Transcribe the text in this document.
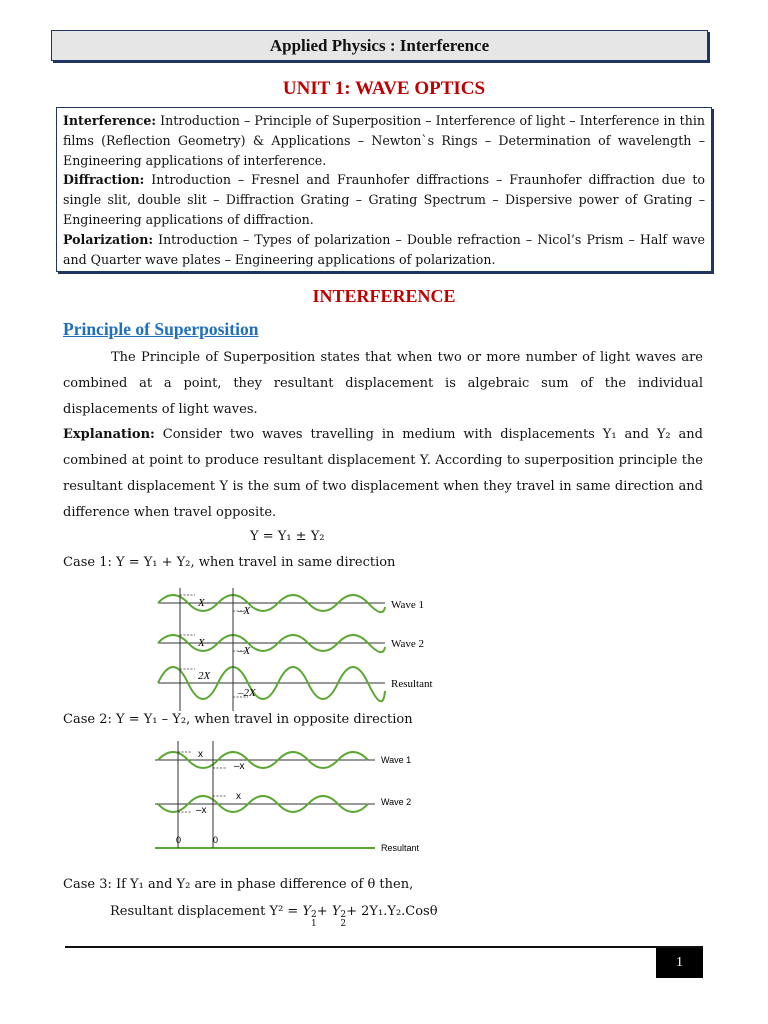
Applied Physics : Interference
UNIT 1: WAVE OPTICS

Interference: Introduction – Principle of Superposition – Interference of light – Interference in thin films (Reflection Geometry) & Applications – Newton`s Rings – Determination of wavelength – Engineering applications of interference.

Diffraction: Introduction – Fresnel and Fraunhofer diffractions – Fraunhofer diffraction due to single slit, double slit – Diffraction Grating – Grating Spectrum – Dispersive power of Grating – Engineering applications of diffraction.

Polarization: Introduction – Types of polarization – Double refraction – Nicol’s Prism – Half wave and Quarter wave plates – Engineering applications of polarization.

INTERFERENCE
Principle of Superposition

The Principle of Superposition states that when two or more number of light waves are combined at a point, they resultant displacement is algebraic sum of the individual displacements of light waves.

Explanation: Consider two waves travelling in medium with displacements Y₁ and Y₂ and combined at point to produce resultant displacement Y. According to superposition principle the resultant displacement Y is the sum of two displacement when they travel in same direction and difference when travel opposite.

Y = Y₁ ± Y₂
Case 1: Y = Y₁ + Y₂, when travel in same direction
X
–X
X
–X
2X
–2X
Wave 1
Wave 2
Resultant
Case 2: Y = Y₁ – Y₂, when travel in opposite direction
x
–x
–x
x
0	0
Wave 1
Wave 2
Resultant
Case 3: If Y₁ and Y₂ are in phase difference of θ then,
Resultant displacement Y² = Y 2
1
+ Y 2
2
+ 2Y₁.Y₂.Cosθ
1
